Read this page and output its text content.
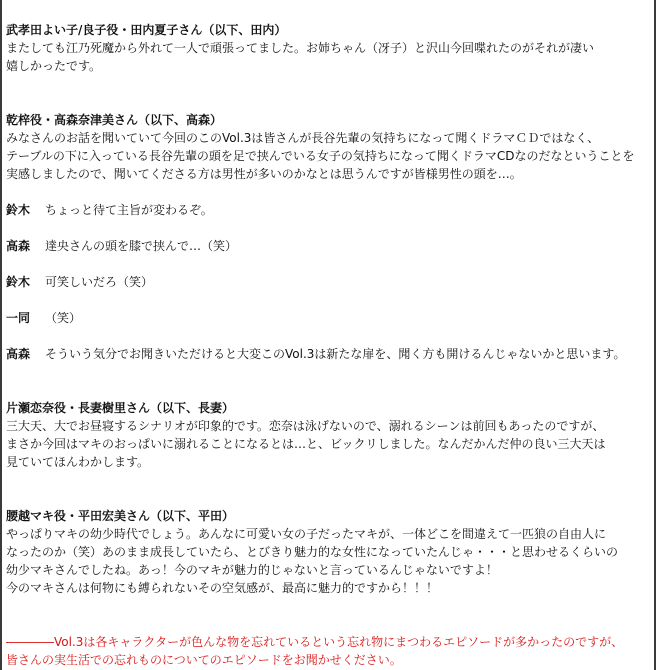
武孝田よい子/良子役・田内夏子さん（以下、田内）
またしても江乃死魔から外れて一人で頑張ってました。お姉ちゃん（冴子）と沢山今回喋れたのがそれが凄い
嬉しかったです。
乾梓役・高森奈津美さん（以下、高森）
みなさんのお話を聞いていて今回のこのVol.3は皆さんが長谷先輩の気持ちになって聞くドラマＣＤではなく、
テーブルの下に入っている長谷先輩の頭を足で挟んでいる女子の気持ちになって聞くドラマCDなのだなということを
実感しましたので、聞いてくださる方は男性が多いのかなとは思うんですが皆様男性の頭を…。
鈴木	ちょっと待て主旨が変わるぞ。
高森	達央さんの頭を膝で挟んで…（笑）
鈴木	可笑しいだろ（笑）
一同	（笑）
高森	そういう気分でお聞きいただけると大変このVol.3は新たな扉を、聞く方も開けるんじゃないかと思います。
片瀬恋奈役・長妻樹里さん（以下、長妻）
三大天、大でお昼寝するシナリオが印象的です。恋奈は泳げないので、溺れるシーンは前回もあったのですが、
まさか今回はマキのおっぱいに溺れることになるとは…と、ビックリしました。なんだかんだ仲の良い三大天は
見ていてほんわかします。
腰越マキ役・平田宏美さん（以下、平田）
やっぱりマキの幼少時代でしょう。あんなに可愛い女の子だったマキが、一体どこを間違えて一匹狼の自由人に
なったのか（笑）あのまま成長していたら、とびきり魅力的な女性になっていたんじゃ・・・と思わせるくらいの
幼少マキさんでしたね。あっ！今のマキが魅力的じゃないと言っているんじゃないですよ！
今のマキさんは何物にも縛られないその空気感が、最高に魅力的ですから！！！
――――Vol.3は各キャラクターが色んな物を忘れているという忘れ物にまつわるエピソードが多かったのですが、
皆さんの実生活での忘れものについてのエピソードをお聞かせください。
